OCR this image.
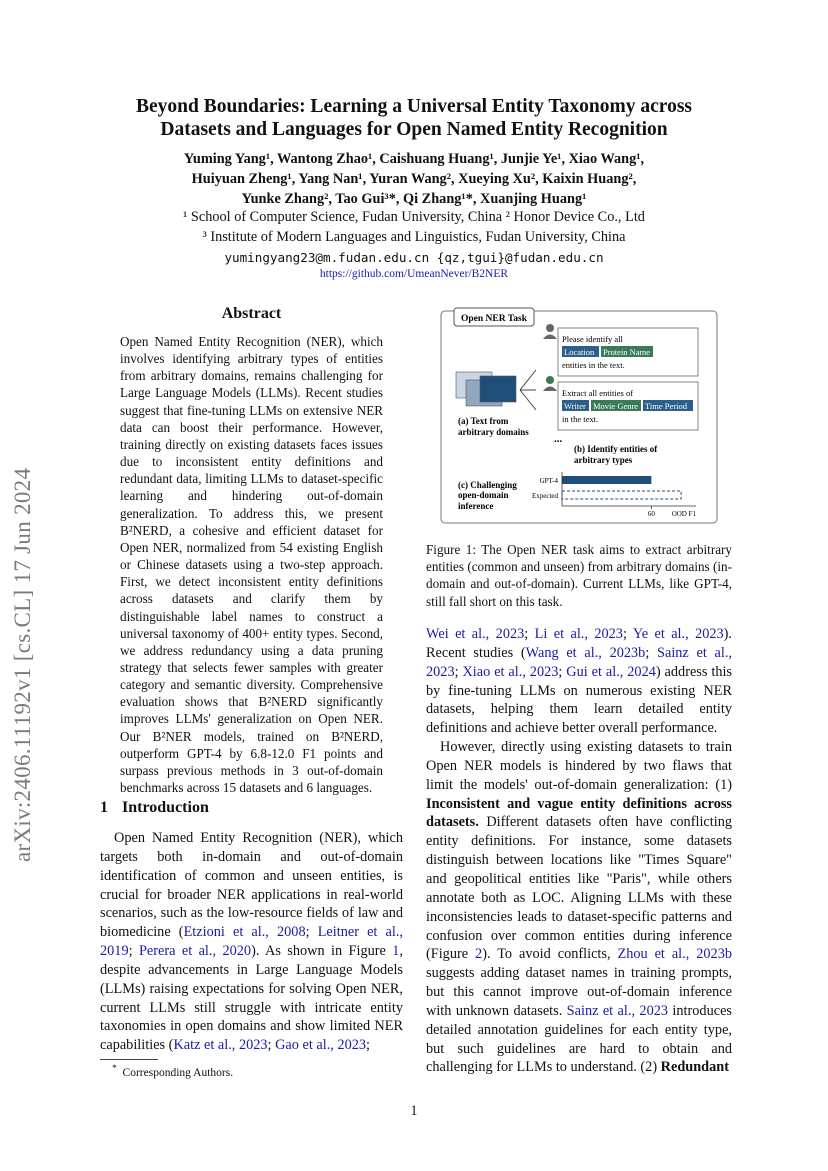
arXiv:2406.11192v1 [cs.CL] 17 Jun 2024
Beyond Boundaries: Learning a Universal Entity Taxonomy across
Datasets and Languages for Open Named Entity Recognition
Yuming Yang¹, Wantong Zhao¹, Caishuang Huang¹, Junjie Ye¹, Xiao Wang¹,
Huiyuan Zheng¹, Yang Nan¹, Yuran Wang², Xueying Xu², Kaixin Huang²,
Yunke Zhang², Tao Gui³*, Qi Zhang¹*, Xuanjing Huang¹
¹ School of Computer Science, Fudan University, China ² Honor Device Co., Ltd
³ Institute of Modern Languages and Linguistics, Fudan University, China
yumingyang23@m.fudan.edu.cn {qz,tgui}@fudan.edu.cn
https://github.com/UmeanNever/B2NER
Abstract
Open Named Entity Recognition (NER), which involves identifying arbitrary types of entities from arbitrary domains, remains challenging for Large Language Models (LLMs). Recent studies suggest that fine-tuning LLMs on extensive NER data can boost their performance. However, training directly on existing datasets faces issues due to inconsistent entity definitions and redundant data, limiting LLMs to dataset-specific learning and hindering out-of-domain generalization. To address this, we present B²NERD, a cohesive and efficient dataset for Open NER, normalized from 54 existing English or Chinese datasets using a two-step approach. First, we detect inconsistent entity definitions across datasets and clarify them by distinguishable label names to construct a universal taxonomy of 400+ entity types. Second, we address redundancy using a data pruning strategy that selects fewer samples with greater category and semantic diversity. Comprehensive evaluation shows that B²NERD significantly improves LLMs' generalization on Open NER. Our B²NER models, trained on B²NERD, outperform GPT-4 by 6.8-12.0 F1 points and surpass previous methods in 3 out-of-domain benchmarks across 15 datasets and 6 languages.
1 Introduction

Open Named Entity Recognition (NER), which targets both in-domain and out-of-domain identification of common and unseen entities, is crucial for broader NER applications in real-world scenarios, such as the low-resource fields of law and biomedicine (Etzioni et al., 2008; Leitner et al., 2019; Perera et al., 2020). As shown in Figure 1, despite advancements in Large Language Models (LLMs) raising expectations for solving Open NER, current LLMs still struggle with intricate entity taxonomies in open domains and show limited NER capabilities (Katz et al., 2023; Gao et al., 2023;

* Corresponding Authors.
Open NER Task
Please identify all
Location Protein Name
entities in the text.
Extract all entities of
Writer Movie Genre Time Period
in the text.
(a) Text from
arbitrary domains
...
(b) Identify entities of
arbitrary types
(c) Challenging
open-domain
inference
GPT-4
Expected
60 OOD F1
Figure 1: The Open NER task aims to extract arbitrary entities (common and unseen) from arbitrary domains (in-domain and out-of-domain). Current LLMs, like GPT-4, still fall short on this task.

Wei et al., 2023; Li et al., 2023; Ye et al., 2023). Recent studies (Wang et al., 2023b; Sainz et al., 2023; Xiao et al., 2023; Gui et al., 2024) address this by fine-tuning LLMs on numerous existing NER datasets, helping them learn detailed entity definitions and achieve better overall performance.

However, directly using existing datasets to train Open NER models is hindered by two flaws that limit the models' out-of-domain generalization: (1) Inconsistent and vague entity definitions across datasets. Different datasets often have conflicting entity definitions. For instance, some datasets distinguish between locations like "Times Square" and geopolitical entities like "Paris", while others annotate both as LOC. Aligning LLMs with these inconsistencies leads to dataset-specific patterns and confusion over common entities during inference (Figure 2). To avoid conflicts, Zhou et al., 2023b suggests adding dataset names in training prompts, but this cannot improve out-of-domain inference with unknown datasets. Sainz et al., 2023 introduces detailed annotation guidelines for each entity type, but such guidelines are hard to obtain and challenging for LLMs to understand. (2) Redundant

1
